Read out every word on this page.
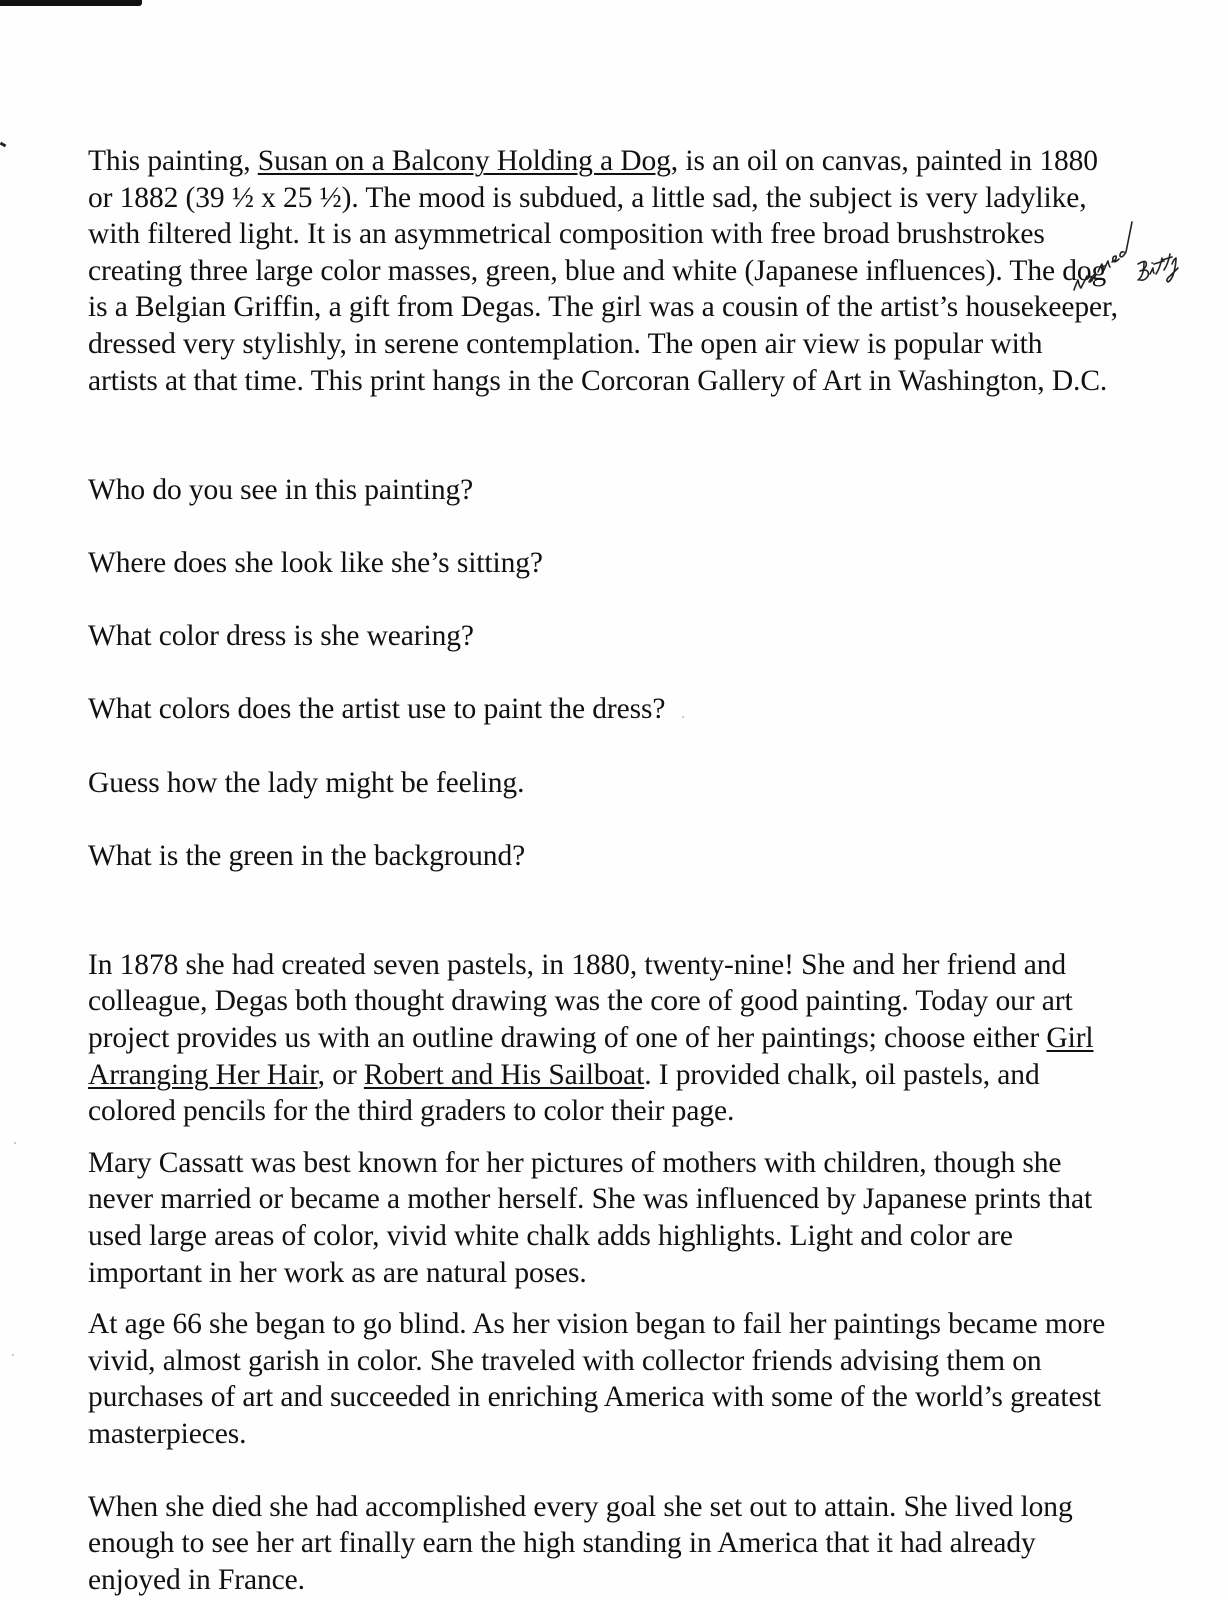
This painting, Susan on a Balcony Holding a Dog, is an oil on canvas, painted in 1880 or 1882 (39 ½ x 25 ½). The mood is subdued, a little sad, the subject is very ladylike, with filtered light. It is an asymmetrical composition with free broad brushstrokes creating three large color masses, green, blue and white (Japanese influences). The dog is a Belgian Griffin, a gift from Degas. The girl was a cousin of the artist’s housekeeper, dressed very stylishly, in serene contemplation. The open air view is popular with artists at that time. This print hangs in the Corcoran Gallery of Art in Washington, D.C.

Who do you see in this painting?

Where does she look like she’s sitting?

What color dress is she wearing?

What colors does the artist use to paint the dress?

Guess how the lady might be feeling.

What is the green in the background?

In 1878 she had created seven pastels, in 1880, twenty-nine! She and her friend and colleague, Degas both thought drawing was the core of good painting. Today our art project provides us with an outline drawing of one of her paintings; choose either Girl Arranging Her Hair, or Robert and His Sailboat. I provided chalk, oil pastels, and colored pencils for the third graders to color their page.

Mary Cassatt was best known for her pictures of mothers with children, though she never married or became a mother herself. She was influenced by Japanese prints that used large areas of color, vivid white chalk adds highlights. Light and color are important in her work as are natural poses.

At age 66 she began to go blind. As her vision began to fail her paintings became more vivid, almost garish in color. She traveled with collector friends advising them on purchases of art and succeeded in enriching America with some of the world’s greatest masterpieces.

When she died she had accomplished every goal she set out to attain. She lived long enough to see her art finally earn the high standing in America that it had already enjoyed in France.
